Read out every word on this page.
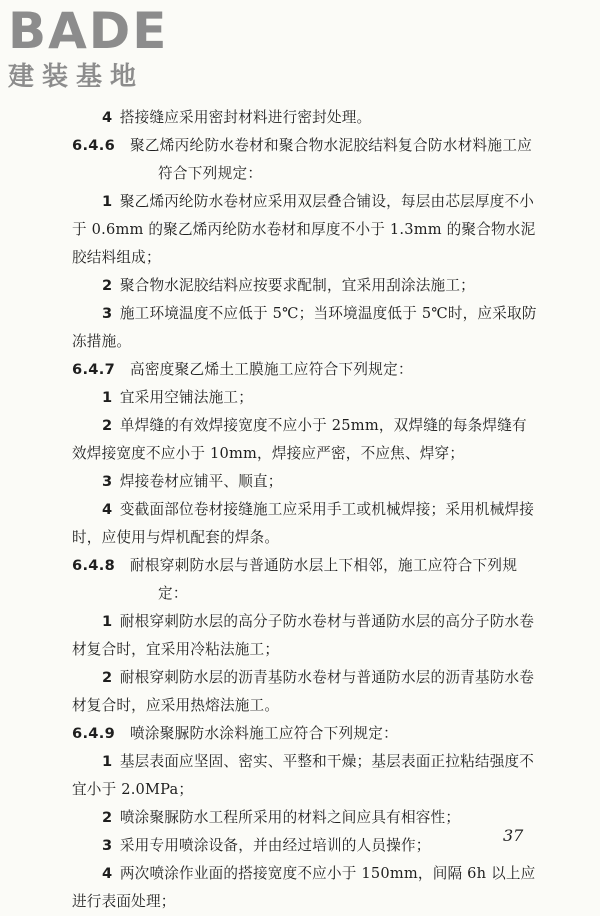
BADE
建装基地
4  搭接缝应采用密封材料进行密封处理。
6.4.6  聚乙烯丙纶防水卷材和聚合物水泥胶结料复合防水材料施工应符合下列规定：
1  聚乙烯丙纶防水卷材应采用双层叠合铺设，每层由芯层厚度不小于 0.6mm 的聚乙烯丙纶防水卷材和厚度不小于 1.3mm 的聚合物水泥胶结料组成；
2  聚合物水泥胶结料应按要求配制，宜采用刮涂法施工；
3  施工环境温度不应低于 5℃；当环境温度低于 5℃时，应采取防冻措施。
6.4.7  高密度聚乙烯土工膜施工应符合下列规定：
1  宜采用空铺法施工；
2  单焊缝的有效焊接宽度不应小于 25mm，双焊缝的每条焊缝有效焊接宽度不应小于 10mm，焊接应严密，不应焦、焊穿；
3  焊接卷材应铺平、顺直；
4  变截面部位卷材接缝施工应采用手工或机械焊接；采用机械焊接时，应使用与焊机配套的焊条。
6.4.8  耐根穿刺防水层与普通防水层上下相邻，施工应符合下列规定：
1  耐根穿刺防水层的高分子防水卷材与普通防水层的高分子防水卷材复合时，宜采用冷粘法施工；
2  耐根穿刺防水层的沥青基防水卷材与普通防水层的沥青基防水卷材复合时，应采用热熔法施工。
6.4.9  喷涂聚脲防水涂料施工应符合下列规定：
1  基层表面应坚固、密实、平整和干燥；基层表面正拉粘结强度不宜小于 2.0MPa；
2  喷涂聚脲防水工程所采用的材料之间应具有相容性；
3  采用专用喷涂设备，并由经过培训的人员操作；
4  两次喷涂作业面的搭接宽度不应小于 150mm，间隔 6h 以上应进行表面处理；
37
